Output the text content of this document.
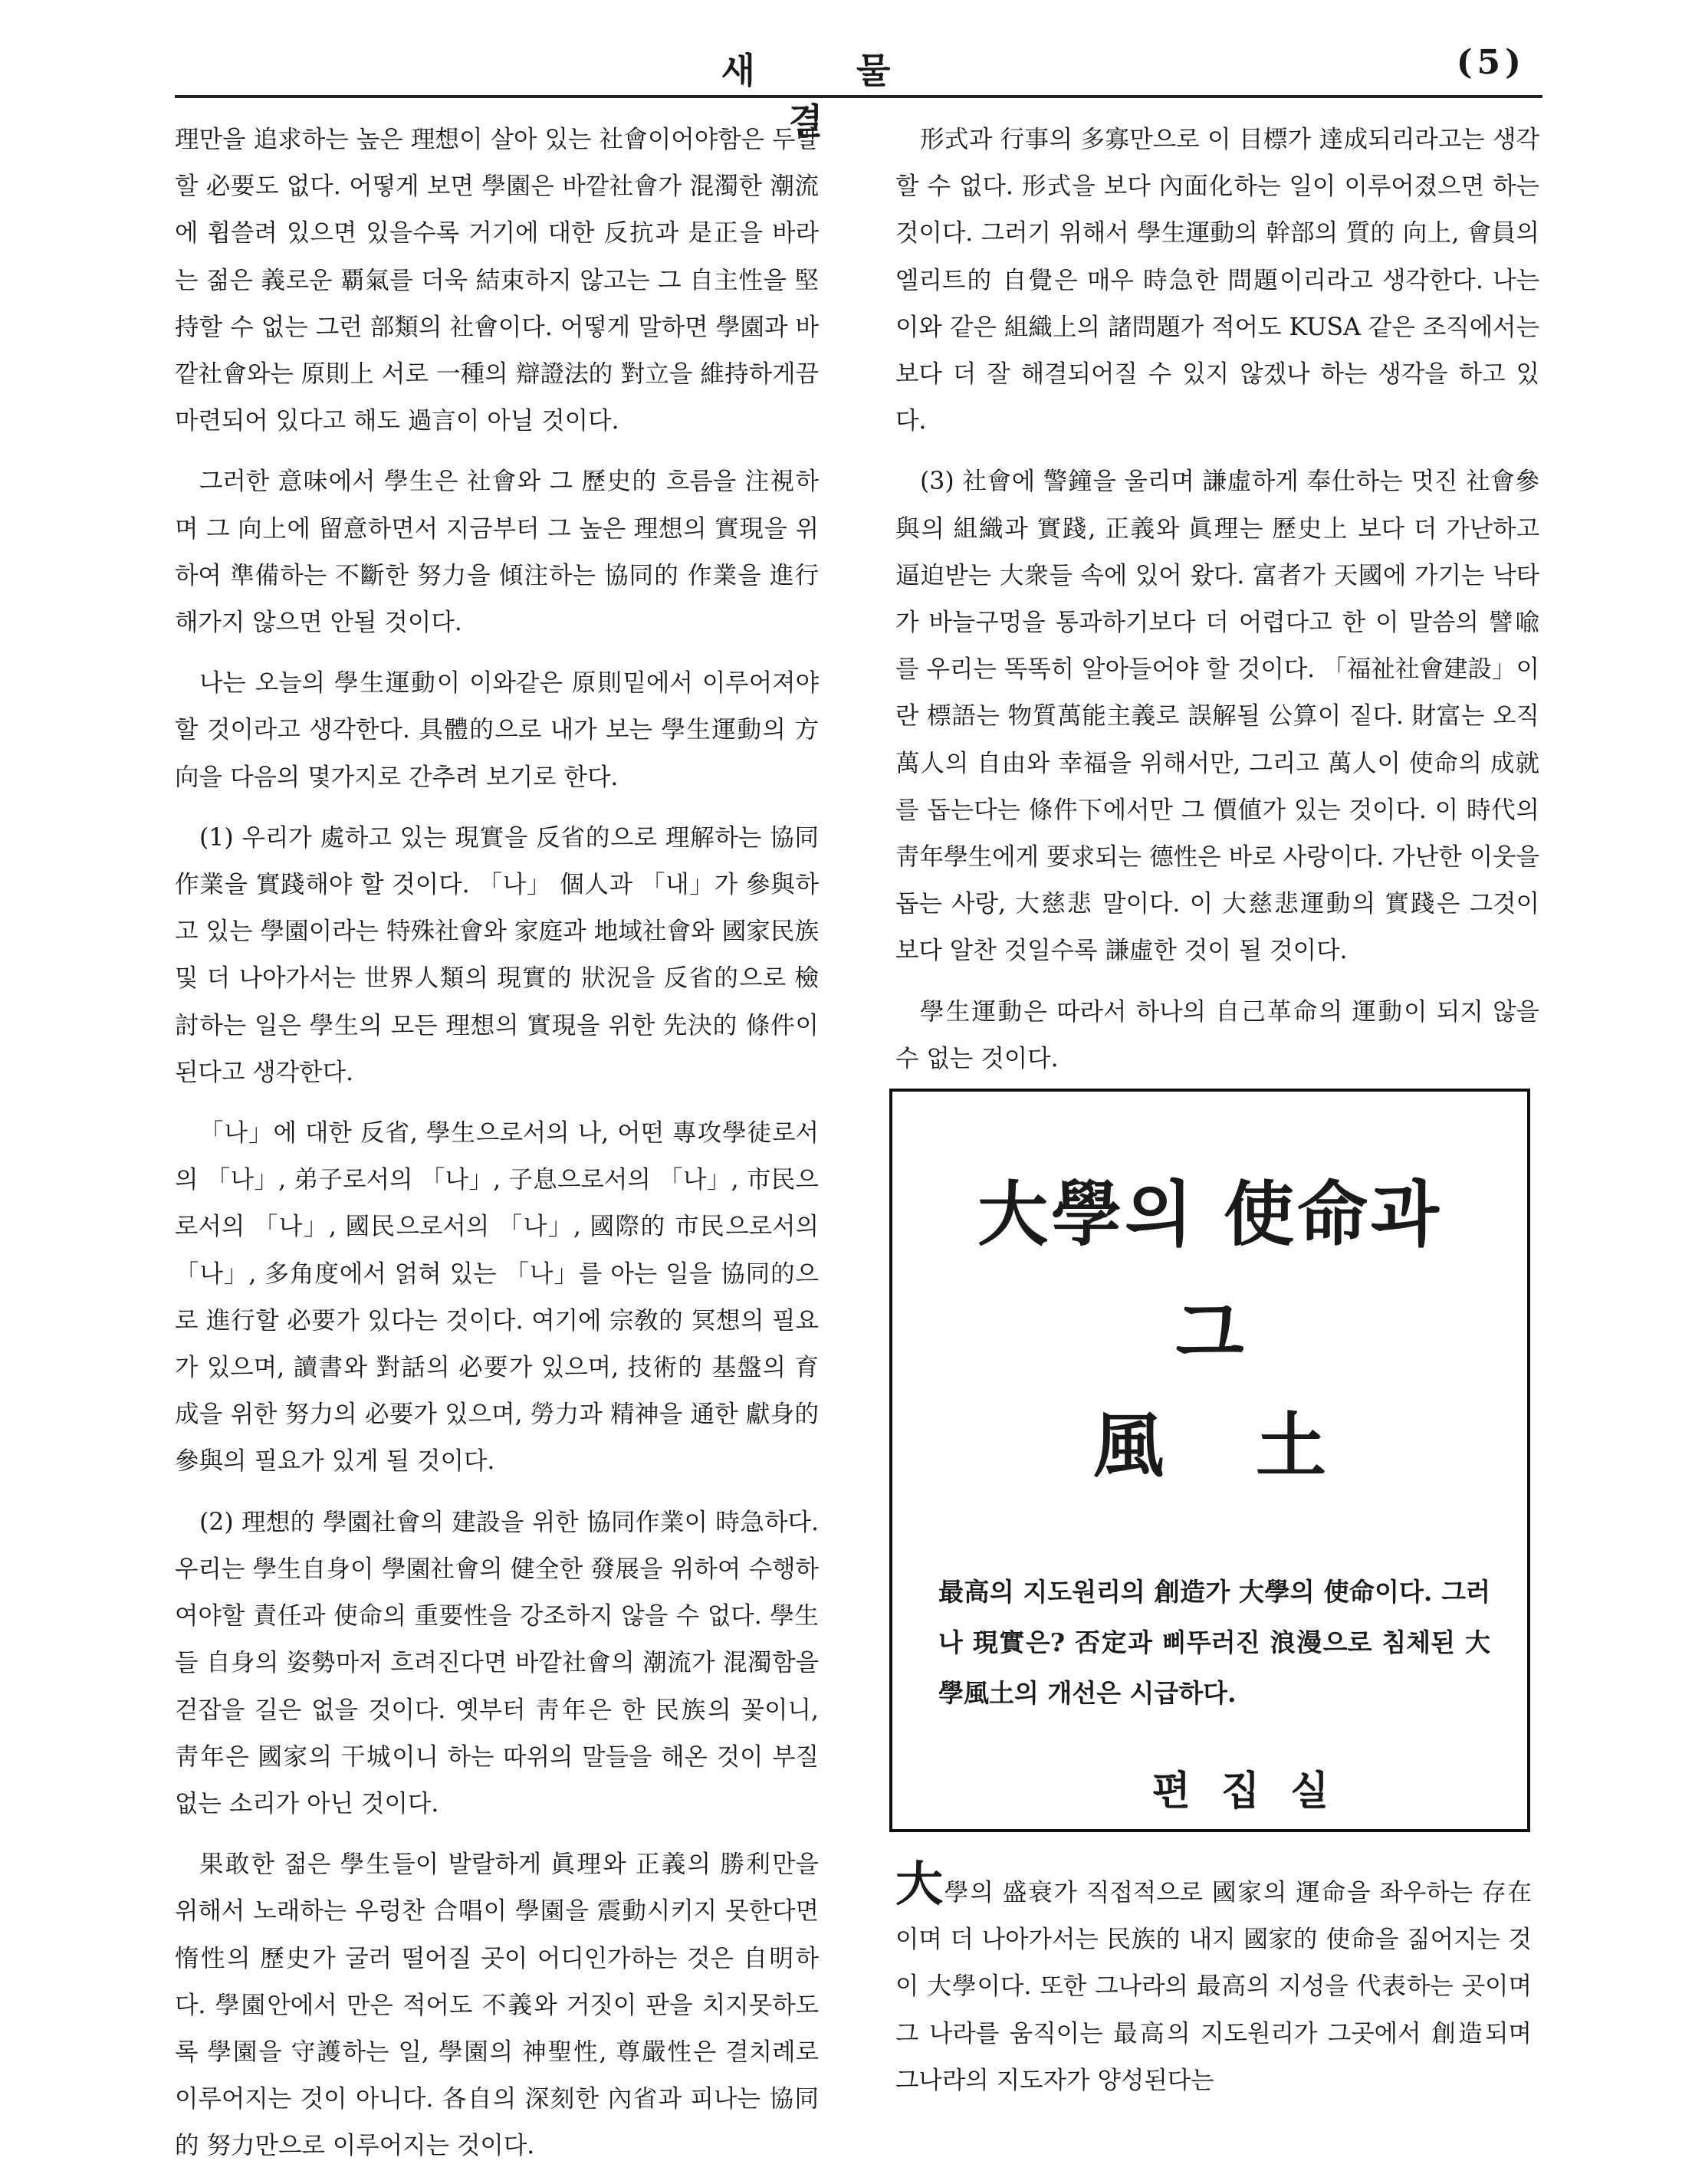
새 물 결
(5)

理만을 追求하는 높은 理想이 살아 있는 社會이어야함은 두말할 必要도 없다. 어떻게 보면 學園은 바깥社會가 混濁한 潮流에 휩쓸려 있으면 있을수록 거기에 대한 反抗과 是正을 바라는 젊은 義로운 覇氣를 더욱 結束하지 않고는 그 自主性을 堅持할 수 없는 그런 部類의 社會이다. 어떻게 말하면 學園과 바깥社會와는 原則上 서로 一種의 辯證法的 對立을 維持하게끔 마련되어 있다고 해도 過言이 아닐 것이다.

그러한 意味에서 學生은 社會와 그 歷史的 흐름을 注視하며 그 向上에 留意하면서 지금부터 그 높은 理想의 實現을 위하여 準備하는 不斷한 努力을 傾注하는 協同的 作業을 進行해가지 않으면 안될 것이다.

나는 오늘의 學生運動이 이와같은 原則밑에서 이루어져야 할 것이라고 생각한다. 具體的으로 내가 보는 學生運動의 方向을 다음의 몇가지로 간추려 보기로 한다.

(1) 우리가 處하고 있는 現實을 反省的으로 理解하는 協同作業을 實踐해야 할 것이다. 「나」 個人과 「내」가 參與하고 있는 學園이라는 特殊社會와 家庭과 地域社會와 國家民族 및 더 나아가서는 世界人類의 現實的 狀況을 反省的으로 檢討하는 일은 學生의 모든 理想의 實現을 위한 先決的 條件이 된다고 생각한다.

「나」에 대한 反省, 學生으로서의 나, 어떤 專攻學徒로서의 「나」, 弟子로서의 「나」, 子息으로서의 「나」, 市民으로서의 「나」, 國民으로서의 「나」, 國際的 市民으로서의 「나」, 多角度에서 얽혀 있는 「나」를 아는 일을 協同的으로 進行할 必要가 있다는 것이다. 여기에 宗敎的 冥想의 필요가 있으며, 讀書와 對話의 必要가 있으며, 技術的 基盤의 育成을 위한 努力의 必要가 있으며, 勞力과 精神을 通한 獻身的 參與의 필요가 있게 될 것이다.

(2) 理想的 學園社會의 建設을 위한 協同作業이 時急하다. 우리는 學生自身이 學園社會의 健全한 發展을 위하여 수행하여야할 責任과 使命의 重要性을 강조하지 않을 수 없다. 學生들 自身의 姿勢마저 흐려진다면 바깥社會의 潮流가 混濁함을 걷잡을 길은 없을 것이다. 옛부터 靑年은 한 民族의 꽃이니, 靑年은 國家의 干城이니 하는 따위의 말들을 해온 것이 부질없는 소리가 아닌 것이다.

果敢한 젊은 學生들이 발랄하게 眞理와 正義의 勝利만을 위해서 노래하는 우렁찬 合唱이 學園을 震動시키지 못한다면 惰性의 歷史가 굴러 떨어질 곳이 어디인가하는 것은 自明하다. 學園안에서 만은 적어도 不義와 거짓이 판을 치지못하도록 學園을 守護하는 일, 學園의 神聖性, 尊嚴性은 결치례로 이루어지는 것이 아니다. 各自의 深刻한 內省과 피나는 協同的 努力만으로 이루어지는 것이다.

形式과 行事의 多寡만으로 이 目標가 達成되리라고는 생각할 수 없다. 形式을 보다 內面化하는 일이 이루어졌으면 하는 것이다. 그러기 위해서 學生運動의 幹部의 質的 向上, 會員의 엘리트的 自覺은 매우 時急한 問題이리라고 생각한다. 나는 이와 같은 組織上의 諸問題가 적어도 KUSA 같은 조직에서는 보다 더 잘 해결되어질 수 있지 않겠나 하는 생각을 하고 있다.

(3) 社會에 警鐘을 울리며 謙虛하게 奉仕하는 멋진 社會參與의 組織과 實踐, 正義와 眞理는 歷史上 보다 더 가난하고 逼迫받는 大衆들 속에 있어 왔다. 富者가 天國에 가기는 낙타가 바늘구멍을 통과하기보다 더 어렵다고 한 이 말씀의 譬喩를 우리는 똑똑히 알아들어야 할 것이다. 「福祉社會建設」이란 標語는 物質萬能主義로 誤解될 公算이 짙다. 財富는 오직 萬人의 自由와 幸福을 위해서만, 그리고 萬人이 使命의 成就를 돕는다는 條件下에서만 그 價値가 있는 것이다. 이 時代의 靑年學生에게 要求되는 德性은 바로 사랑이다. 가난한 이웃을 돕는 사랑, 大慈悲 말이다. 이 大慈悲運動의 實踐은 그것이 보다 알찬 것일수록 謙虛한 것이 될 것이다.

學生運動은 따라서 하나의 自己革命의 運動이 되지 않을 수 없는 것이다.

大學의 使命과
그
風土
最高의 지도원리의 創造가 大學의 使命이다. 그러나 現實은? 否定과 삐뚜러진 浪漫으로 침체된 大學風土의 개선은 시급하다.
편집실
大學의 盛衰가 직접적으로 國家의 運命을 좌우하는 存在이며 더 나아가서는 民族的 내지 國家的 使命을 짊어지는 것이 大學이다. 또한 그나라의 最高의 지성을 代表하는 곳이며 그 나라를 움직이는 最高의 지도원리가 그곳에서 創造되며 그나라의 지도자가 양성된다는
